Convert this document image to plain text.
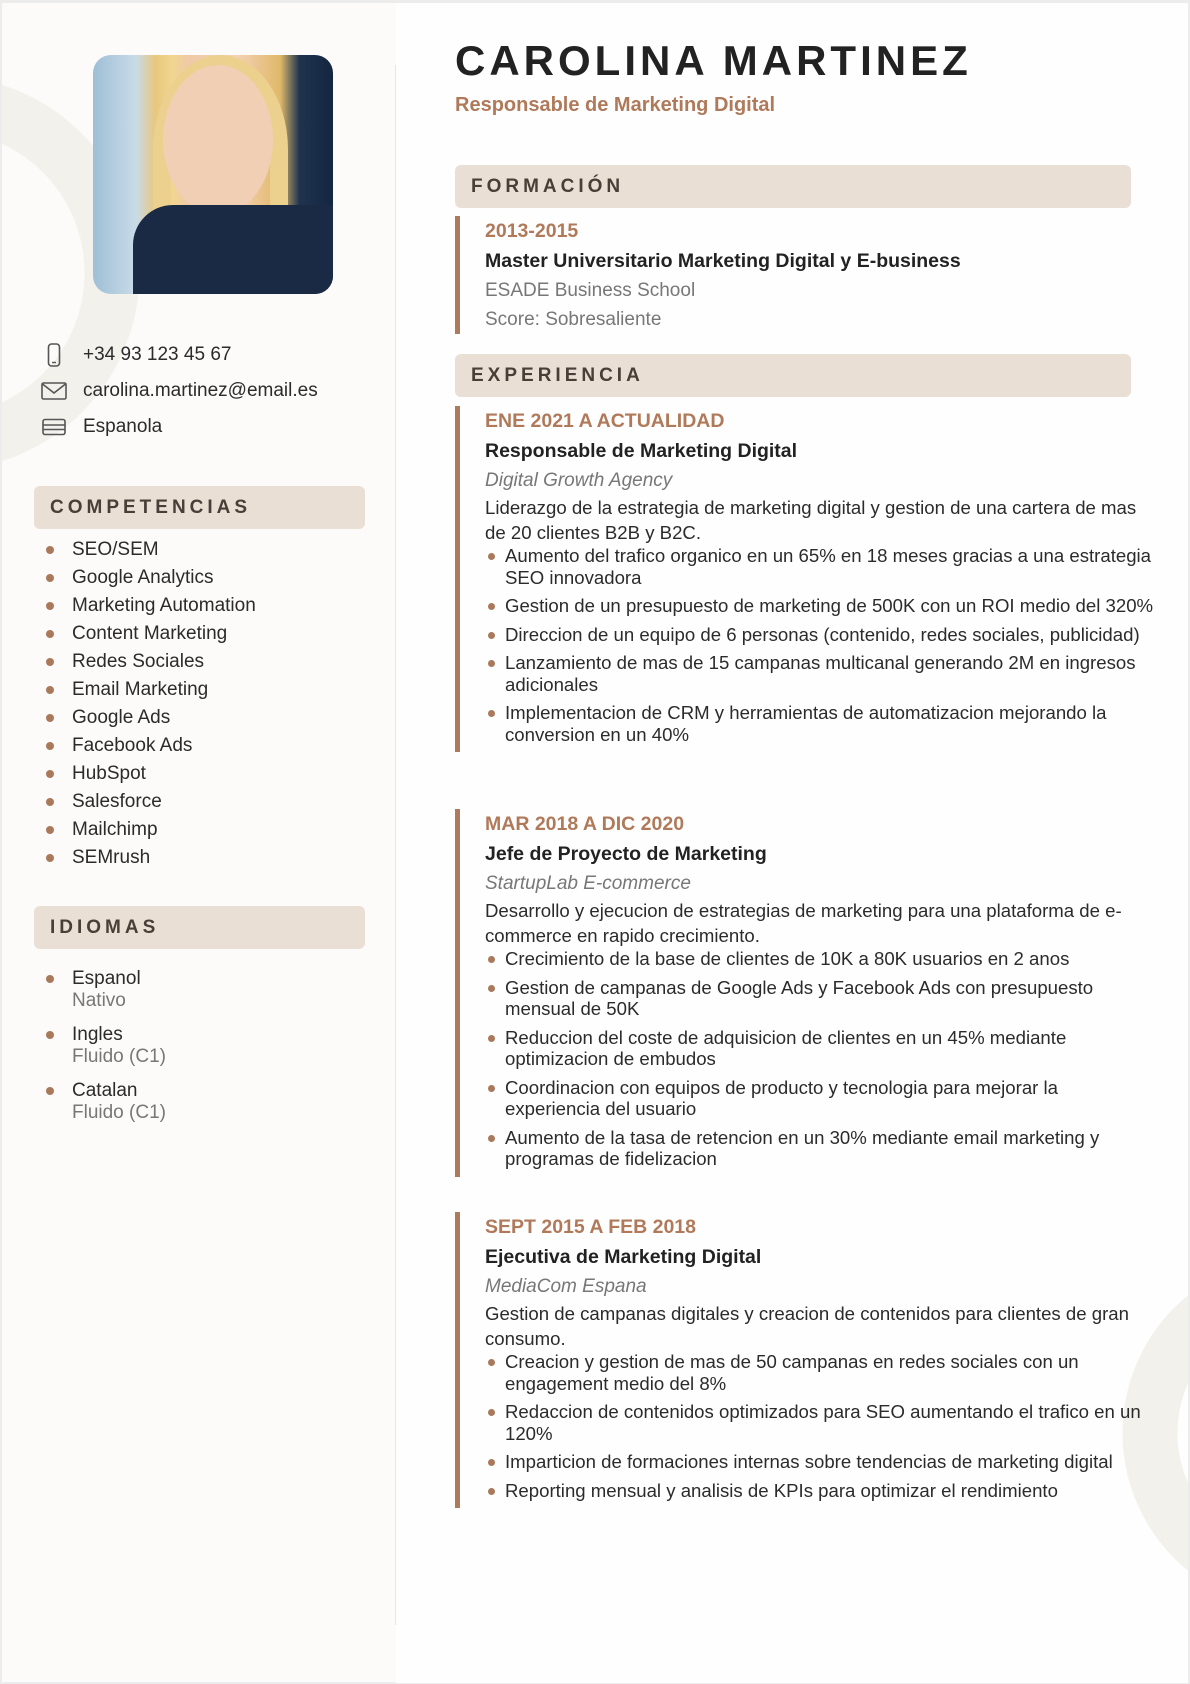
+34 93 123 45 67
carolina.martinez@email.es
Espanola
COMPETENCIAS
SEO/SEM
Google Analytics
Marketing Automation
Content Marketing
Redes Sociales
Email Marketing
Google Ads
Facebook Ads
HubSpot
Salesforce
Mailchimp
SEMrush
IDIOMAS
Espanol
Nativo
Ingles
Fluido (C1)
Catalan
Fluido (C1)
CAROLINA MARTINEZ
Responsable de Marketing Digital
FORMACIÓN
2013-2015
Master Universitario Marketing Digital y E-business
ESADE Business School
Score: Sobresaliente
EXPERIENCIA
ENE 2021 A ACTUALIDAD
Responsable de Marketing Digital
Digital Growth Agency
Liderazgo de la estrategia de marketing digital y gestion de una cartera de mas de 20 clientes B2B y B2C.
Aumento del trafico organico en un 65% en 18 meses gracias a una estrategia SEO innovadora
Gestion de un presupuesto de marketing de 500K con un ROI medio del 320%
Direccion de un equipo de 6 personas (contenido, redes sociales, publicidad)
Lanzamiento de mas de 15 campanas multicanal generando 2M en ingresos adicionales
Implementacion de CRM y herramientas de automatizacion mejorando la conversion en un 40%
MAR 2018 A DIC 2020
Jefe de Proyecto de Marketing
StartupLab E-commerce
Desarrollo y ejecucion de estrategias de marketing para una plataforma de e-commerce en rapido crecimiento.
Crecimiento de la base de clientes de 10K a 80K usuarios en 2 anos
Gestion de campanas de Google Ads y Facebook Ads con presupuesto mensual de 50K
Reduccion del coste de adquisicion de clientes en un 45% mediante optimizacion de embudos
Coordinacion con equipos de producto y tecnologia para mejorar la experiencia del usuario
Aumento de la tasa de retencion en un 30% mediante email marketing y programas de fidelizacion
SEPT 2015 A FEB 2018
Ejecutiva de Marketing Digital
MediaCom Espana
Gestion de campanas digitales y creacion de contenidos para clientes de gran consumo.
Creacion y gestion de mas de 50 campanas en redes sociales con un engagement medio del 8%
Redaccion de contenidos optimizados para SEO aumentando el trafico en un 120%
Imparticion de formaciones internas sobre tendencias de marketing digital
Reporting mensual y analisis de KPIs para optimizar el rendimiento
